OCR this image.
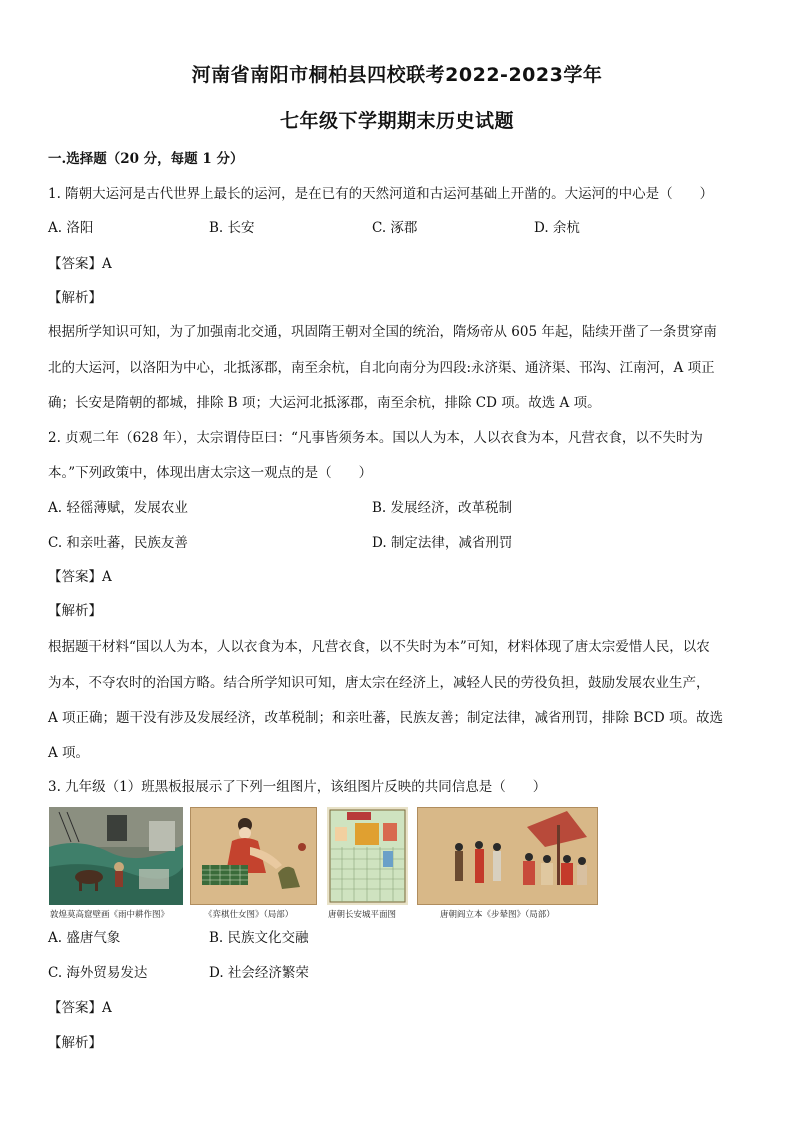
河南省南阳市桐柏县四校联考2022-2023学年
七年级下学期期末历史试题
一.选择题（20 分，每题 1 分）
1. 隋朝大运河是古代世界上最长的运河，是在已有的天然河道和古运河基础上开凿的。大运河的中心是（　　）
A. 洛阳	B. 长安	C. 涿郡	D. 余杭
【答案】A
【解析】
根据所学知识可知，为了加强南北交通，巩固隋王朝对全国的统治，隋炀帝从 605 年起，陆续开凿了一条贯穿南
北的大运河，以洛阳为中心，北抵涿郡，南至余杭，自北向南分为四段:永济渠、通济渠、邗沟、江南河，A 项正
确；长安是隋朝的都城，排除 B 项；大运河北抵涿郡，南至余杭，排除 CD 项。故选 A 项。
2. 贞观二年（628 年），太宗谓侍臣曰：“凡事皆须务本。国以人为本，人以衣食为本，凡营衣食，以不失时为
本。”下列政策中，体现出唐太宗这一观点的是（　　）
A. 轻徭薄赋，发展农业	B. 发展经济，改革税制
C. 和亲吐蕃，民族友善	D. 制定法律，减省刑罚
【答案】A
【解析】
根据题干材料“国以人为本，人以衣食为本，凡营衣食，以不失时为本”可知，材料体现了唐太宗爱惜人民，以农
为本，不夺农时的治国方略。结合所学知识可知，唐太宗在经济上，减轻人民的劳役负担，鼓励发展农业生产，
A 项正确；题干没有涉及发展经济，改革税制；和亲吐蕃，民族友善；制定法律，减省刑罚，排除 BCD 项。故选
A 项。
3. 九年级（1）班黑板报展示了下列一组图片，该组图片反映的共同信息是（　　）
敦煌莫高窟壁画《雨中耕作图》	《弈棋仕女图》（局部）	唐朝长安城平面图	唐朝阎立本《步辇图》（局部）
A. 盛唐气象	B. 民族文化交融
C. 海外贸易发达	D. 社会经济繁荣
【答案】A
【解析】
